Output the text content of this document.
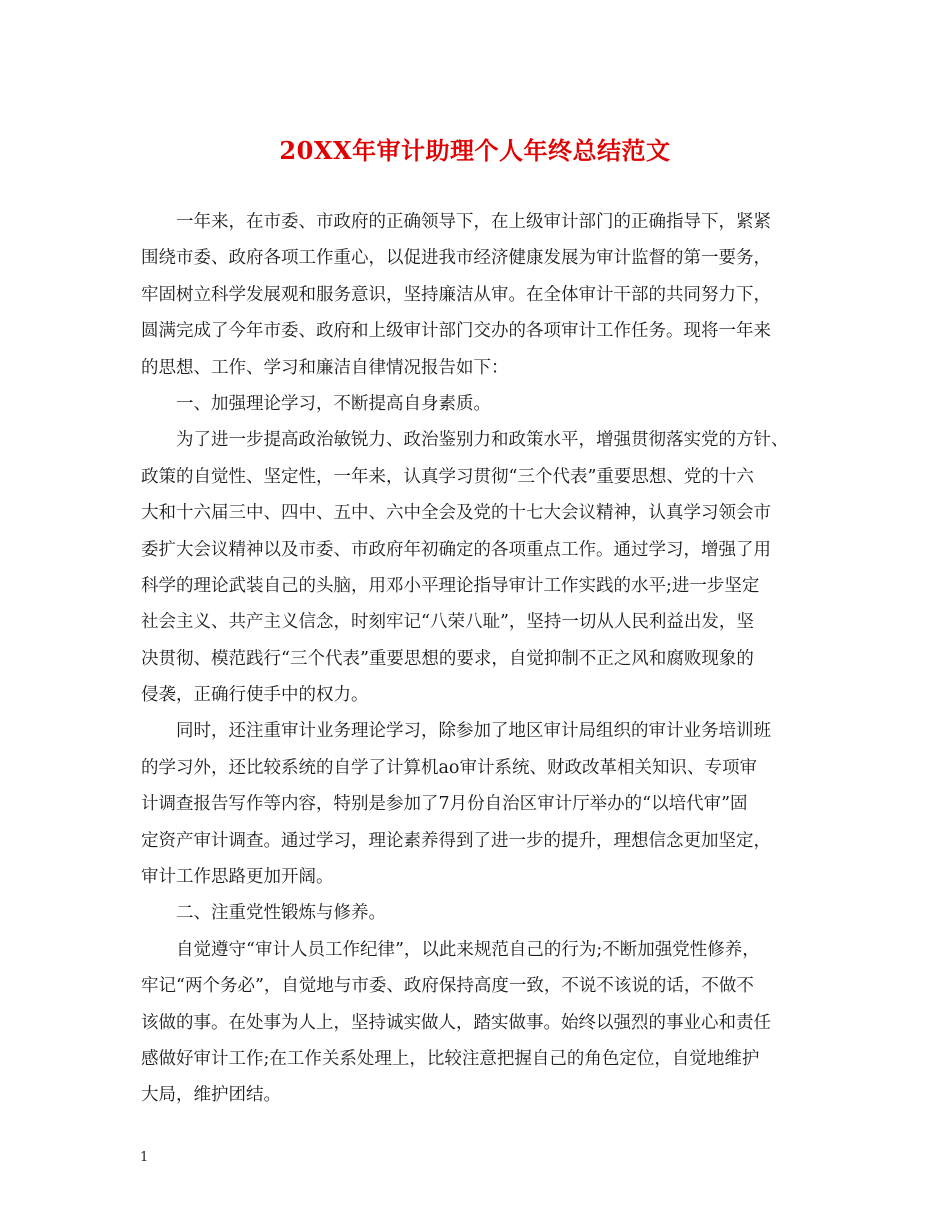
20XX年审计助理个人年终总结范文
一年来，在市委、市政府的正确领导下，在上级审计部门的正确指导下，紧紧
围绕市委、政府各项工作重心，以促进我市经济健康发展为审计监督的第一要务，
牢固树立科学发展观和服务意识，坚持廉洁从审。在全体审计干部的共同努力下，
圆满完成了今年市委、政府和上级审计部门交办的各项审计工作任务。现将一年来
的思想、工作、学习和廉洁自律情况报告如下：
一、加强理论学习，不断提高自身素质。
为了进一步提高政治敏锐力、政治鉴别力和政策水平，增强贯彻落实党的方针、
政策的自觉性、坚定性，一年来，认真学习贯彻“三个代表”重要思想、党的十六
大和十六届三中、四中、五中、六中全会及党的十七大会议精神，认真学习领会市
委扩大会议精神以及市委、市政府年初确定的各项重点工作。通过学习，增强了用
科学的理论武装自己的头脑，用邓小平理论指导审计工作实践的水平;进一步坚定
社会主义、共产主义信念，时刻牢记“八荣八耻”，坚持一切从人民利益出发，坚
决贯彻、模范践行“三个代表”重要思想的要求，自觉抑制不正之风和腐败现象的
侵袭，正确行使手中的权力。
同时，还注重审计业务理论学习，除参加了地区审计局组织的审计业务培训班
的学习外，还比较系统的自学了计算机ao审计系统、财政改革相关知识、专项审
计调查报告写作等内容，特别是参加了7月份自治区审计厅举办的“以培代审”固
定资产审计调查。通过学习，理论素养得到了进一步的提升，理想信念更加坚定，
审计工作思路更加开阔。
二、注重党性锻炼与修养。
自觉遵守“审计人员工作纪律”，以此来规范自己的行为;不断加强党性修养，
牢记“两个务必”，自觉地与市委、政府保持高度一致，不说不该说的话，不做不
该做的事。在处事为人上，坚持诚实做人，踏实做事。始终以强烈的事业心和责任
感做好审计工作;在工作关系处理上，比较注意把握自己的角色定位，自觉地维护
大局，维护团结。
1
